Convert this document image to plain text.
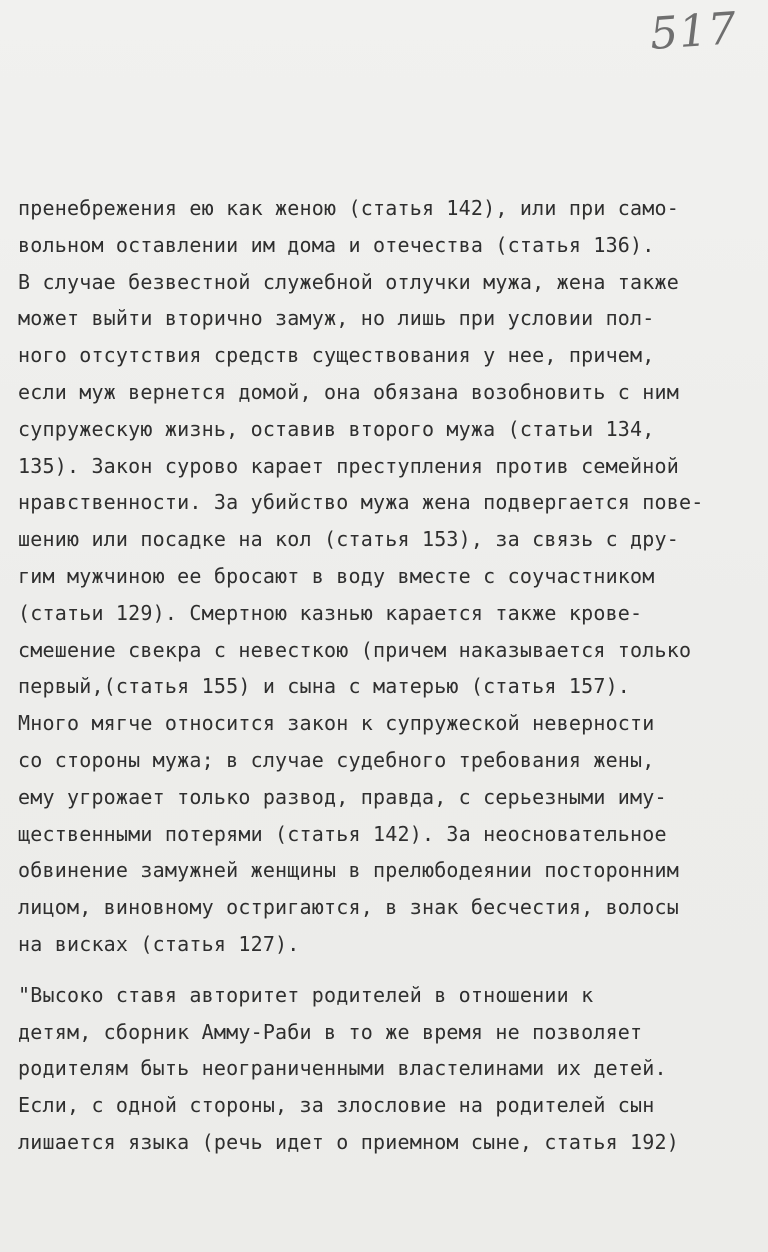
517
пренебрежения ею как женою (статья 142), или при само-
вольном оставлении им дома и отечества (статья 136).
В случае безвестной служебной отлучки мужа, жена также
может выйти вторично замуж, но лишь при условии пол-
ного отсутствия средств существования у нее, причем,
если муж вернется домой, она обязана возобновить с ним
супружескую жизнь, оставив второго мужа (статьи 134,
135). Закон сурово карает преступления против семейной
нравственности. За убийство мужа жена подвергается пове-
шению или посадке на кол (статья 153), за связь с дру-
гим мужчиною ее бросают в воду вместе с соучастником
(статьи 129). Смертною казнью карается также крове-
смешение свекра с невесткою (причем наказывается только
первый,(статья 155) и сына с матерью (статья 157).
Много мягче относится закон к супружеской неверности
со стороны мужа; в случае судебного требования жены,
ему угрожает только развод, правда, с серьезными иму-
щественными потерями (статья 142). За неосновательное
обвинение замужней женщины в прелюбодеянии посторонним
лицом, виновному остригаются, в знак бесчестия, волосы
на висках (статья 127).
"Высоко ставя авторитет родителей в отношении к
детям, сборник Амму-Раби в то же время не позволяет
родителям быть неограниченными властелинами их детей.
Если, с одной стороны, за злословие на родителей сын
лишается языка (речь идет о приемном сыне, статья 192)
